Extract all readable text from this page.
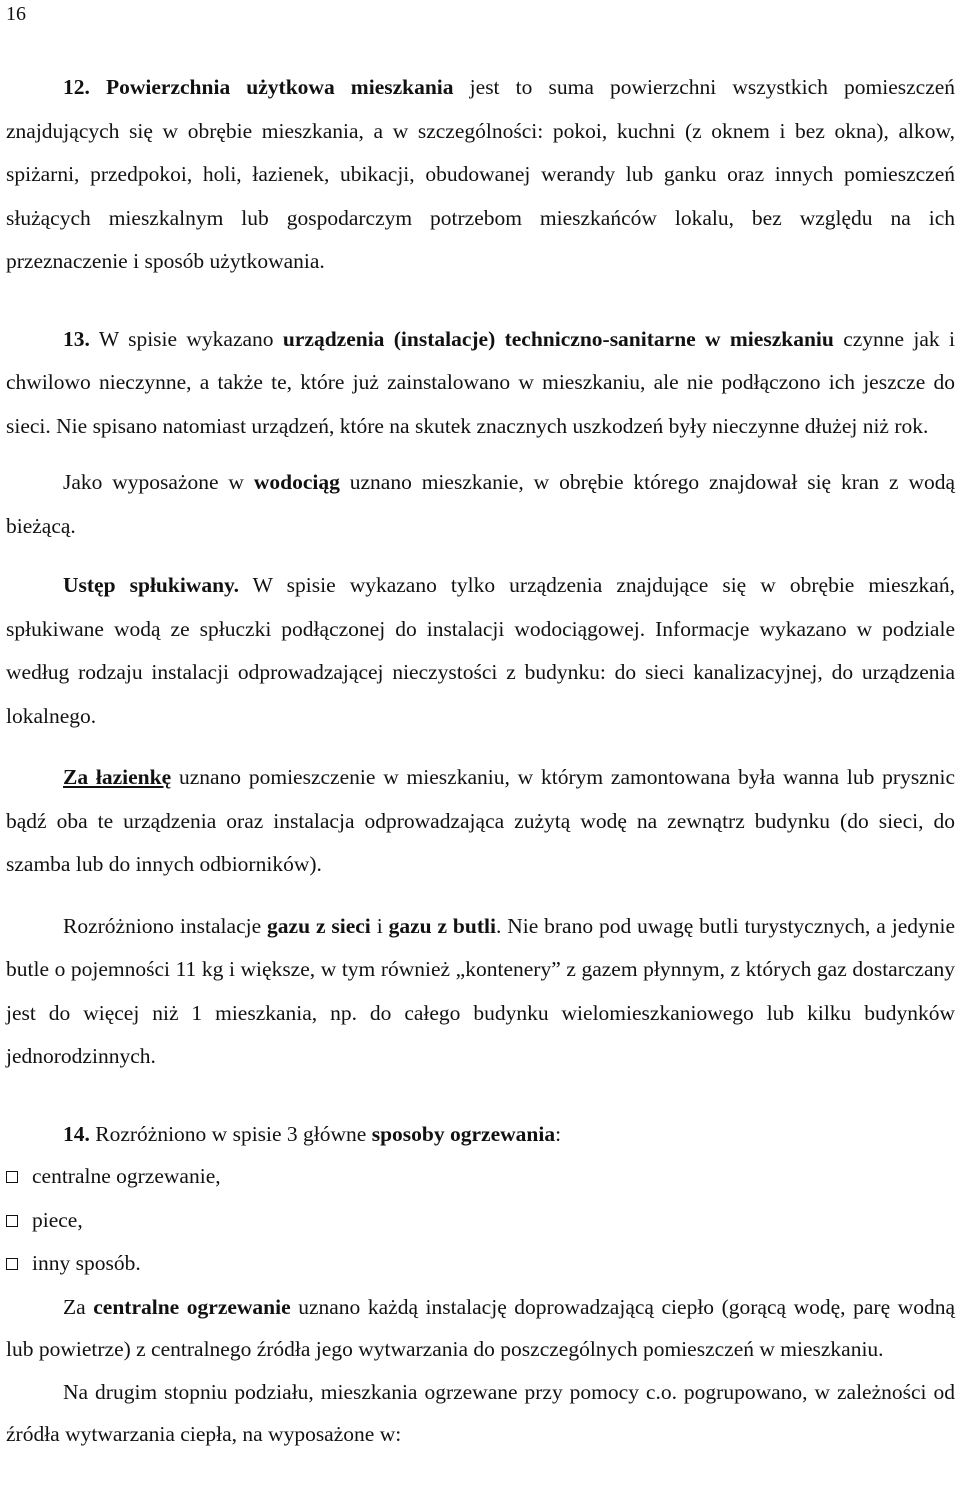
16

12. Powierzchnia użytkowa mieszkania jest to suma powierzchni wszystkich pomieszczeń znajdujących się w obrębie mieszkania, a w szczególności: pokoi, kuchni (z oknem i bez okna), alkow, spiżarni, przedpokoi, holi, łazienek, ubikacji, obudowanej werandy lub ganku oraz innych pomieszczeń służących mieszkalnym lub gospodarczym potrzebom mieszkańców lokalu, bez względu na ich przeznaczenie i sposób użytkowania.

13. W spisie wykazano urządzenia (instalacje) techniczno-sanitarne w mieszkaniu czynne jak i chwilowo nieczynne, a także te, które już zainstalowano w mieszkaniu, ale nie podłączono ich jeszcze do sieci. Nie spisano natomiast urządzeń, które na skutek znacznych uszkodzeń były nieczynne dłużej niż rok.

Jako wyposażone w wodociąg uznano mieszkanie, w obrębie którego znajdował się kran z wodą bieżącą.

Ustęp spłukiwany. W spisie wykazano tylko urządzenia znajdujące się w obrębie mieszkań, spłukiwane wodą ze spłuczki podłączonej do instalacji wodociągowej. Informacje wykazano w podziale według rodzaju instalacji odprowadzającej nieczystości z budynku: do sieci kanalizacyjnej, do urządzenia lokalnego.

Za łazienkę uznano pomieszczenie w mieszkaniu, w którym zamontowana była wanna lub prysznic bądź oba te urządzenia oraz instalacja odprowadzająca zużytą wodę na zewnątrz budynku (do sieci, do szamba lub do innych odbiorników).

Rozróżniono instalacje gazu z sieci i gazu z butli. Nie brano pod uwagę butli turystycznych, a jedynie butle o pojemności 11 kg i większe, w tym również „kontenery” z gazem płynnym, z których gaz dostarczany jest do więcej niż 1 mieszkania, np. do całego budynku wielomieszkaniowego lub kilku budynków jednorodzinnych.

14. Rozróżniono w spisie 3 główne sposoby ogrzewania:

centralne ogrzewanie,
piece,
inny sposób.

Za centralne ogrzewanie uznano każdą instalację doprowadzającą ciepło (gorącą wodę, parę wodną lub powietrze) z centralnego źródła jego wytwarzania do poszczególnych pomieszczeń w mieszkaniu.

Na drugim stopniu podziału, mieszkania ogrzewane przy pomocy c.o. pogrupowano, w zależności od źródła wytwarzania ciepła, na wyposażone w:
